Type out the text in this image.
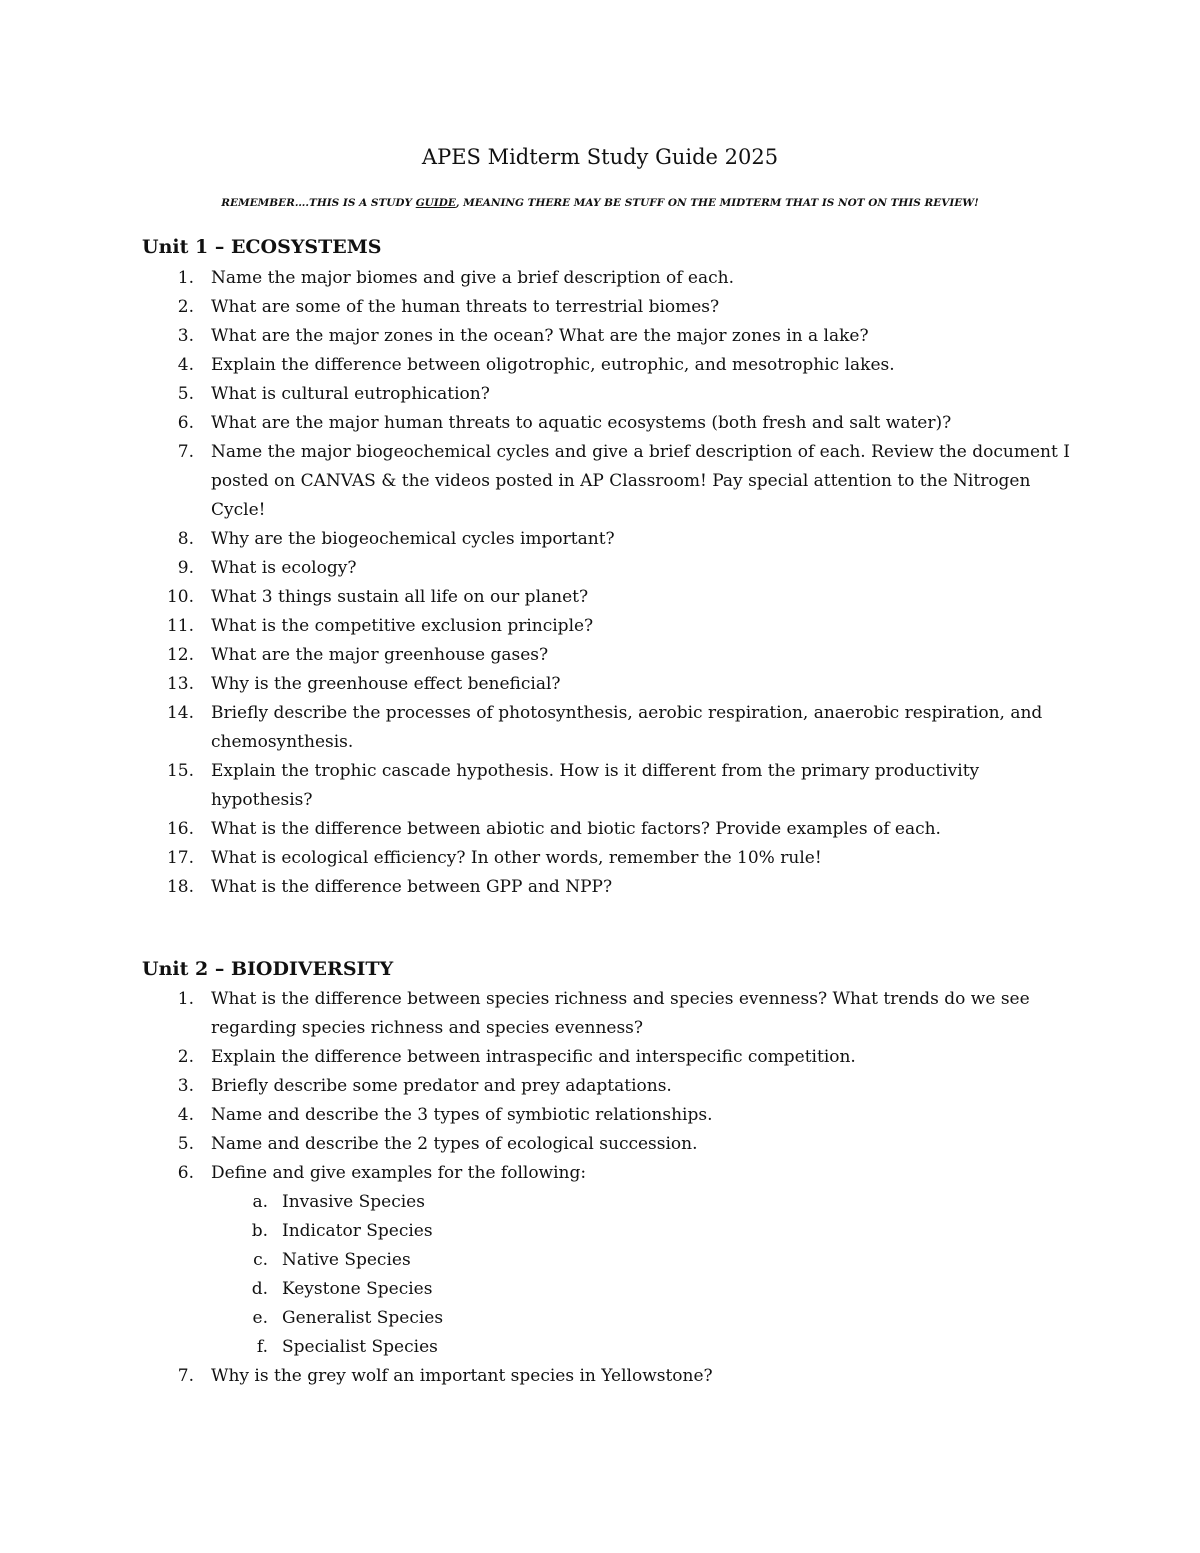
APES Midterm Study Guide 2025
REMEMBER….THIS IS A STUDY GUIDE, MEANING THERE MAY BE STUFF ON THE MIDTERM THAT IS NOT ON THIS REVIEW!
Unit 1 – ECOSYSTEMS
1. Name the major biomes and give a brief description of each.
2. What are some of the human threats to terrestrial biomes?
3. What are the major zones in the ocean? What are the major zones in a lake?
4. Explain the difference between oligotrophic, eutrophic, and mesotrophic lakes.
5. What is cultural eutrophication?
6. What are the major human threats to aquatic ecosystems (both fresh and salt water)?
7. Name the major biogeochemical cycles and give a brief description of each. Review the document I posted on CANVAS & the videos posted in AP Classroom! Pay special attention to the Nitrogen Cycle!
8. Why are the biogeochemical cycles important?
9. What is ecology?
10. What 3 things sustain all life on our planet?
11. What is the competitive exclusion principle?
12. What are the major greenhouse gases?
13. Why is the greenhouse effect beneficial?
14. Briefly describe the processes of photosynthesis, aerobic respiration, anaerobic respiration, and chemosynthesis.
15. Explain the trophic cascade hypothesis. How is it different from the primary productivity hypothesis?
16. What is the difference between abiotic and biotic factors? Provide examples of each.
17. What is ecological efficiency? In other words, remember the 10% rule!
18. What is the difference between GPP and NPP?
Unit 2 – BIODIVERSITY
1. What is the difference between species richness and species evenness? What trends do we see regarding species richness and species evenness?
2. Explain the difference between intraspecific and interspecific competition.
3. Briefly describe some predator and prey adaptations.
4. Name and describe the 3 types of symbiotic relationships.
5. Name and describe the 2 types of ecological succession.
6. Define and give examples for the following:
a. Invasive Species
b. Indicator Species
c. Native Species
d. Keystone Species
e. Generalist Species
f. Specialist Species
7. Why is the grey wolf an important species in Yellowstone?
